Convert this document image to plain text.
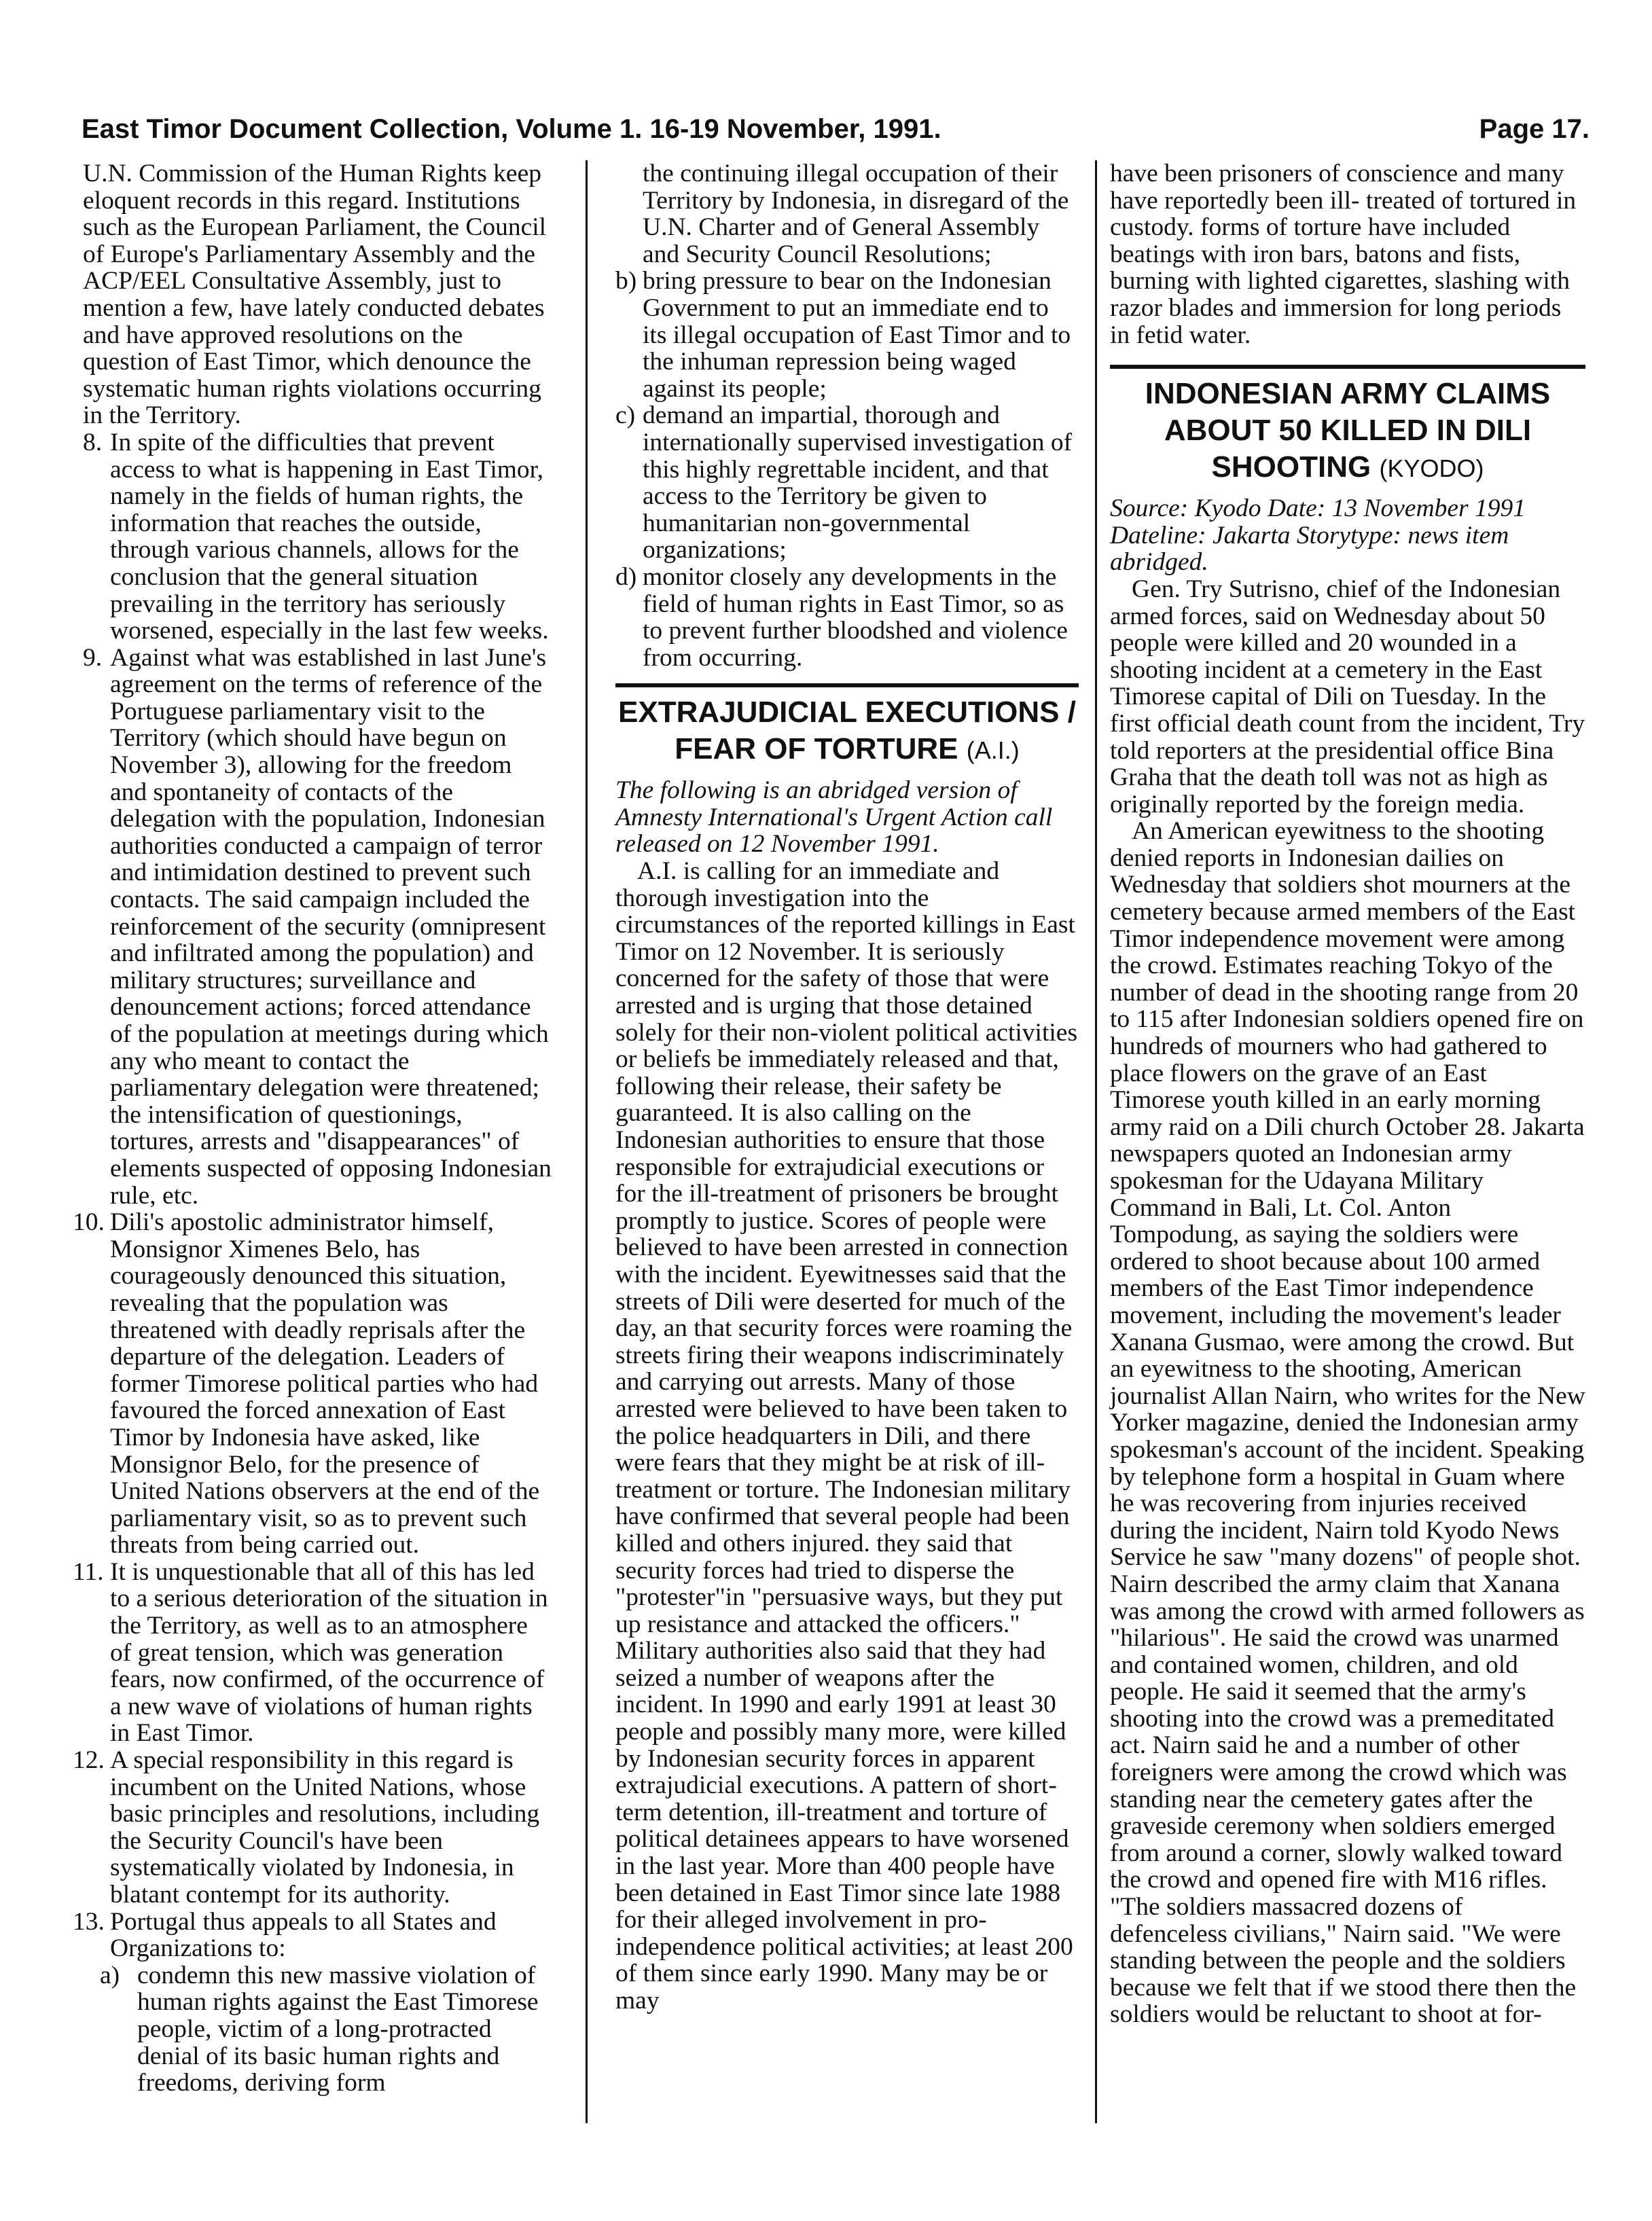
East Timor Document Collection, Volume 1. 16-19 November, 1991.	Page 17.

U.N. Commission of the Human Rights keep eloquent records in this regard. Institutions such as the European Parliament, the Council of Europe's Parliamentary Assembly and the ACP/EEL Consultative Assembly, just to mention a few, have lately conducted debates and have approved resolutions on the question of East Timor, which denounce the systematic human rights violations occurring in the Territory.

8. In spite of the difficulties that prevent access to what is happening in East Timor, namely in the fields of human rights, the information that reaches the outside, through various channels, allows for the conclusion that the general situation prevailing in the territory has seriously worsened, especially in the last few weeks.
9. Against what was established in last June's agreement on the terms of reference of the Portuguese parliamentary visit to the Territory (which should have begun on November 3), allowing for the freedom and spontaneity of contacts of the delegation with the population, Indonesian authorities conducted a campaign of terror and intimidation destined to prevent such contacts. The said campaign included the reinforcement of the security (omnipresent and infiltrated among the population) and military structures; surveillance and denouncement actions; forced attendance of the population at meetings during which any who meant to contact the parliamentary delegation were threatened; the intensification of questionings, tortures, arrests and "disappearances" of elements suspected of opposing Indonesian rule, etc.
10. Dili's apostolic administrator himself, Monsignor Ximenes Belo, has courageously denounced this situation, revealing that the population was threatened with deadly reprisals after the departure of the delegation. Leaders of former Timorese political parties who had favoured the forced annexation of East Timor by Indonesia have asked, like Monsignor Belo, for the presence of United Nations observers at the end of the parliamentary visit, so as to prevent such threats from being carried out.
11. It is unquestionable that all of this has led to a serious deterioration of the situation in the Territory, as well as to an atmosphere of great tension, which was generation fears, now confirmed, of the occurrence of a new wave of violations of human rights in East Timor.
12. A special responsibility in this regard is incumbent on the United Nations, whose basic principles and resolutions, including the Security Council's have been systematically violated by Indonesia, in blatant contempt for its authority.
13. Portugal thus appeals to all States and Organizations to:
a) condemn this new massive violation of human rights against the East Timorese people, victim of a long-protracted denial of its basic human rights and freedoms, deriving form
the continuing illegal occupation of their Territory by Indonesia, in disregard of the U.N. Charter and of General Assembly and Security Council Resolutions;
b) bring pressure to bear on the Indonesian Government to put an immediate end to its illegal occupation of East Timor and to the inhuman repression being waged against its people;
c) demand an impartial, thorough and internationally supervised investigation of this highly regrettable incident, and that access to the Territory be given to humanitarian non-governmental organizations;
d) monitor closely any developments in the field of human rights in East Timor, so as to prevent further bloodshed and violence from occurring.
EXTRAJUDICIAL EXECUTIONS / FEAR OF TORTURE (A.I.)

The following is an abridged version of Amnesty International's Urgent Action call released on 12 November 1991.

A.I. is calling for an immediate and thorough investigation into the circumstances of the reported killings in East Timor on 12 November. It is seriously concerned for the safety of those that were arrested and is urging that those detained solely for their non-violent political activities or beliefs be immediately released and that, following their release, their safety be guaranteed. It is also calling on the Indonesian authorities to ensure that those responsible for extrajudicial executions or for the ill-treatment of prisoners be brought promptly to justice. Scores of people were believed to have been arrested in connection with the incident. Eyewitnesses said that the streets of Dili were deserted for much of the day, an that security forces were roaming the streets firing their weapons indiscriminately and carrying out arrests. Many of those arrested were believed to have been taken to the police headquarters in Dili, and there were fears that they might be at risk of ill-treatment or torture. The Indonesian military have confirmed that several people had been killed and others injured. they said that security forces had tried to disperse the "protester"in "persuasive ways, but they put up resistance and attacked the officers." Military authorities also said that they had seized a number of weapons after the incident. In 1990 and early 1991 at least 30 people and possibly many more, were killed by Indonesian security forces in apparent extrajudicial executions. A pattern of short-term detention, ill-treatment and torture of political detainees appears to have worsened in the last year. More than 400 people have been detained in East Timor since late 1988 for their alleged involvement in pro-independence political activities; at least 200 of them since early 1990. Many may be or may

have been prisoners of conscience and many have reportedly been ill- treated of tortured in custody. forms of torture have included beatings with iron bars, batons and fists, burning with lighted cigarettes, slashing with razor blades and immersion for long periods in fetid water.

INDONESIAN ARMY CLAIMS ABOUT 50 KILLED IN DILI SHOOTING (KYODO)

Source: Kyodo Date: 13 November 1991 Dateline: Jakarta Storytype: news item abridged.

Gen. Try Sutrisno, chief of the Indonesian armed forces, said on Wednesday about 50 people were killed and 20 wounded in a shooting incident at a cemetery in the East Timorese capital of Dili on Tuesday. In the first official death count from the incident, Try told reporters at the presidential office Bina Graha that the death toll was not as high as originally reported by the foreign media.

An American eyewitness to the shooting denied reports in Indonesian dailies on Wednesday that soldiers shot mourners at the cemetery because armed members of the East Timor independence movement were among the crowd. Estimates reaching Tokyo of the number of dead in the shooting range from 20 to 115 after Indonesian soldiers opened fire on hundreds of mourners who had gathered to place flowers on the grave of an East Timorese youth killed in an early morning army raid on a Dili church October 28. Jakarta newspapers quoted an Indonesian army spokesman for the Udayana Military Command in Bali, Lt. Col. Anton Tompodung, as saying the soldiers were ordered to shoot because about 100 armed members of the East Timor independence movement, including the movement's leader Xanana Gusmao, were among the crowd. But an eyewitness to the shooting, American journalist Allan Nairn, who writes for the New Yorker magazine, denied the Indonesian army spokesman's account of the incident. Speaking by telephone form a hospital in Guam where he was recovering from injuries received during the incident, Nairn told Kyodo News Service he saw "many dozens" of people shot. Nairn described the army claim that Xanana was among the crowd with armed followers as "hilarious". He said the crowd was unarmed and contained women, children, and old people. He said it seemed that the army's shooting into the crowd was a premeditated act. Nairn said he and a number of other foreigners were among the crowd which was standing near the cemetery gates after the graveside ceremony when soldiers emerged from around a corner, slowly walked toward the crowd and opened fire with M16 rifles. "The soldiers massacred dozens of defenceless civilians," Nairn said. "We were standing between the people and the soldiers because we felt that if we stood there then the soldiers would be reluctant to shoot at for-
